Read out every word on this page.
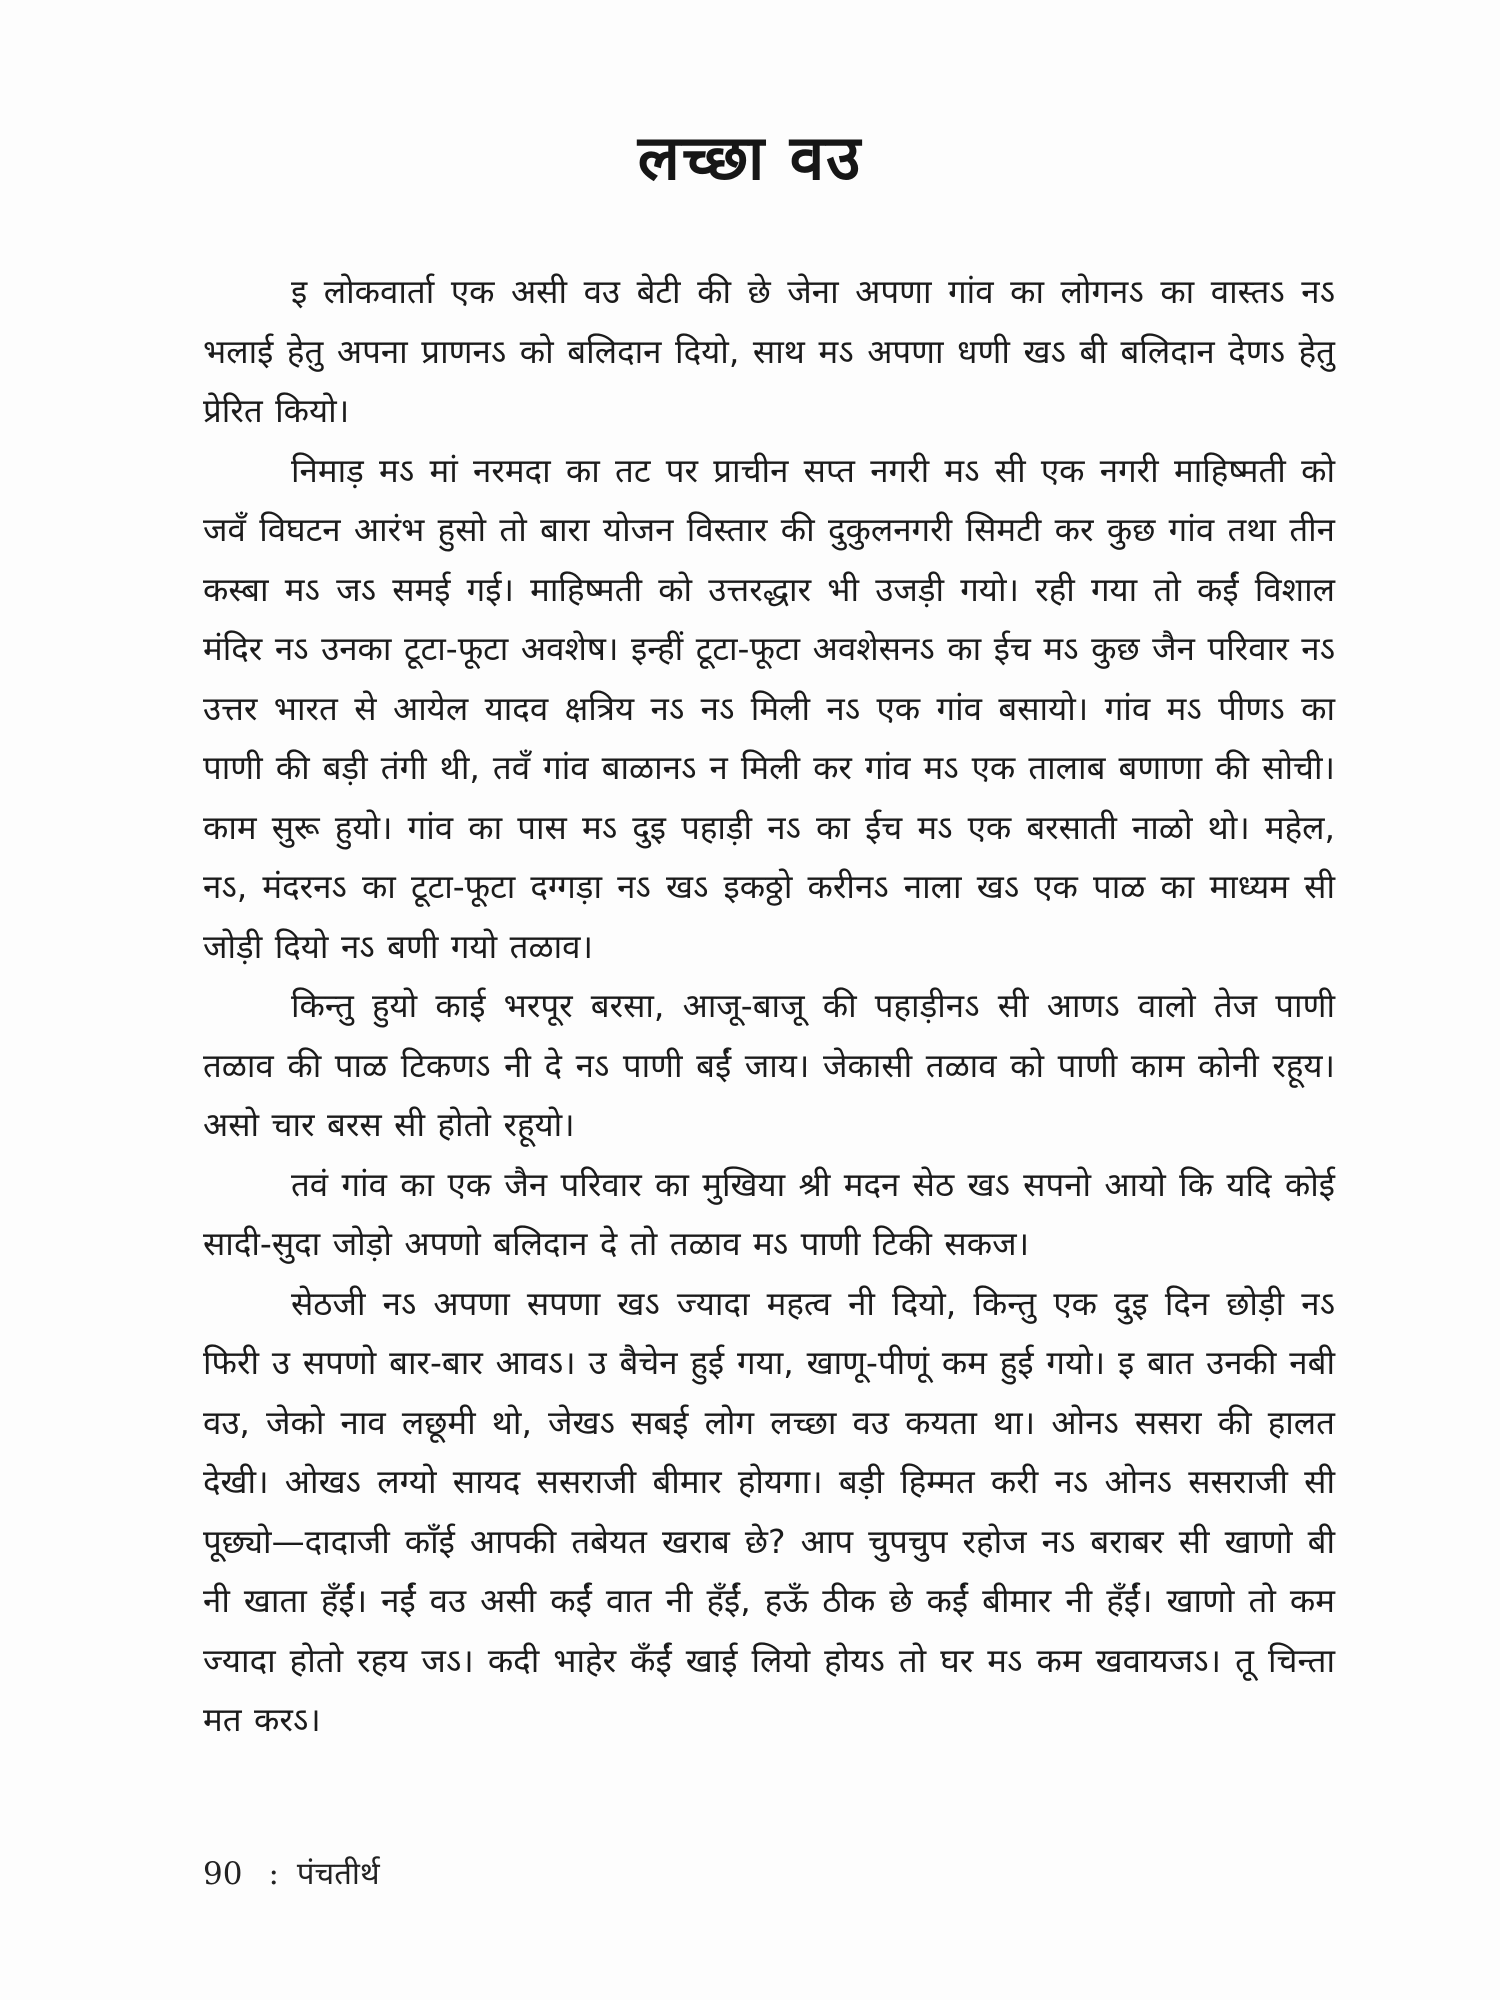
लच्छा वउ

इ लोकवार्ता एक असी वउ बेटी की छे जेना अपणा गांव का लोगनऽ का वास्तऽ नऽ भलाई हेतु अपना प्राणनऽ को बलिदान दियो, साथ मऽ अपणा धणी खऽ बी बलिदान देणऽ हेतु प्रेरित कियो।

निमाड़ मऽ मां नरमदा का तट पर प्राचीन सप्त नगरी मऽ सी एक नगरी माहिष्मती को जवँ विघटन आरंभ हुसो तो बारा योजन विस्तार की दुकुलनगरी सिमटी कर कुछ गांव तथा तीन कस्बा मऽ जऽ समई गई। माहिष्मती को उत्तरद्धार भी उजड़ी गयो। रही गया तो कईं विशाल मंदिर नऽ उनका टूटा-फूटा अवशेष। इन्हीं टूटा-फूटा अवशेसनऽ का ईच मऽ कुछ जैन परिवार नऽ उत्तर भारत से आयेल यादव क्षत्रिय नऽ नऽ मिली नऽ एक गांव बसायो। गांव मऽ पीणऽ का पाणी की बड़ी तंगी थी, तवँ गांव बाळानऽ न मिली कर गांव मऽ एक तालाब बणाणा की सोची। काम सुरू हुयो। गांव का पास मऽ दुइ पहाड़ी नऽ का ईच मऽ एक बरसाती नाळो थो। महेल, नऽ, मंदरनऽ का टूटा-फूटा दग्गड़ा नऽ खऽ इकठ्ठो करीनऽ नाला खऽ एक पाळ का माध्यम सी जोड़ी दियो नऽ बणी गयो तळाव।

किन्तु हुयो काई भरपूर बरसा, आजू-बाजू की पहाड़ीनऽ सी आणऽ वालो तेज पाणी तळाव की पाळ टिकणऽ नी दे नऽ पाणी बईं जाय। जेकासी तळाव को पाणी काम कोनी रहूय। असो चार बरस सी होतो रहूयो।

तवं गांव का एक जैन परिवार का मुखिया श्री मदन सेठ खऽ सपनो आयो कि यदि कोई सादी-सुदा जोड़ो अपणो बलिदान दे तो तळाव मऽ पाणी टिकी सकज।

सेठजी नऽ अपणा सपणा खऽ ज्यादा महत्व नी दियो, किन्तु एक दुइ दिन छोड़ी नऽ फिरी उ सपणो बार-बार आवऽ। उ बैचेन हुई गया, खाणू-पीणूं कम हुई गयो। इ बात उनकी नबी वउ, जेको नाव लछूमी थो, जेखऽ सबई लोग लच्छा वउ कयता था। ओनऽ ससरा की हालत देखी। ओखऽ लग्यो सायद ससराजी बीमार होयगा। बड़ी हिम्मत करी नऽ ओनऽ ससराजी सी पूछ्यो—दादाजी काँई आपकी तबेयत खराब छे? आप चुपचुप रहोज नऽ बराबर सी खाणो बी नी खाता हँईं। नईं वउ असी कईं वात नी हँईं, हऊँ ठीक छे कईं बीमार नी हँईं। खाणो तो कम ज्यादा होतो रहय जऽ। कदी भाहेर कँईं खाई लियो होयऽ तो घर मऽ कम खवायजऽ। तू चिन्ता मत करऽ।

90 : पंचतीर्थ
